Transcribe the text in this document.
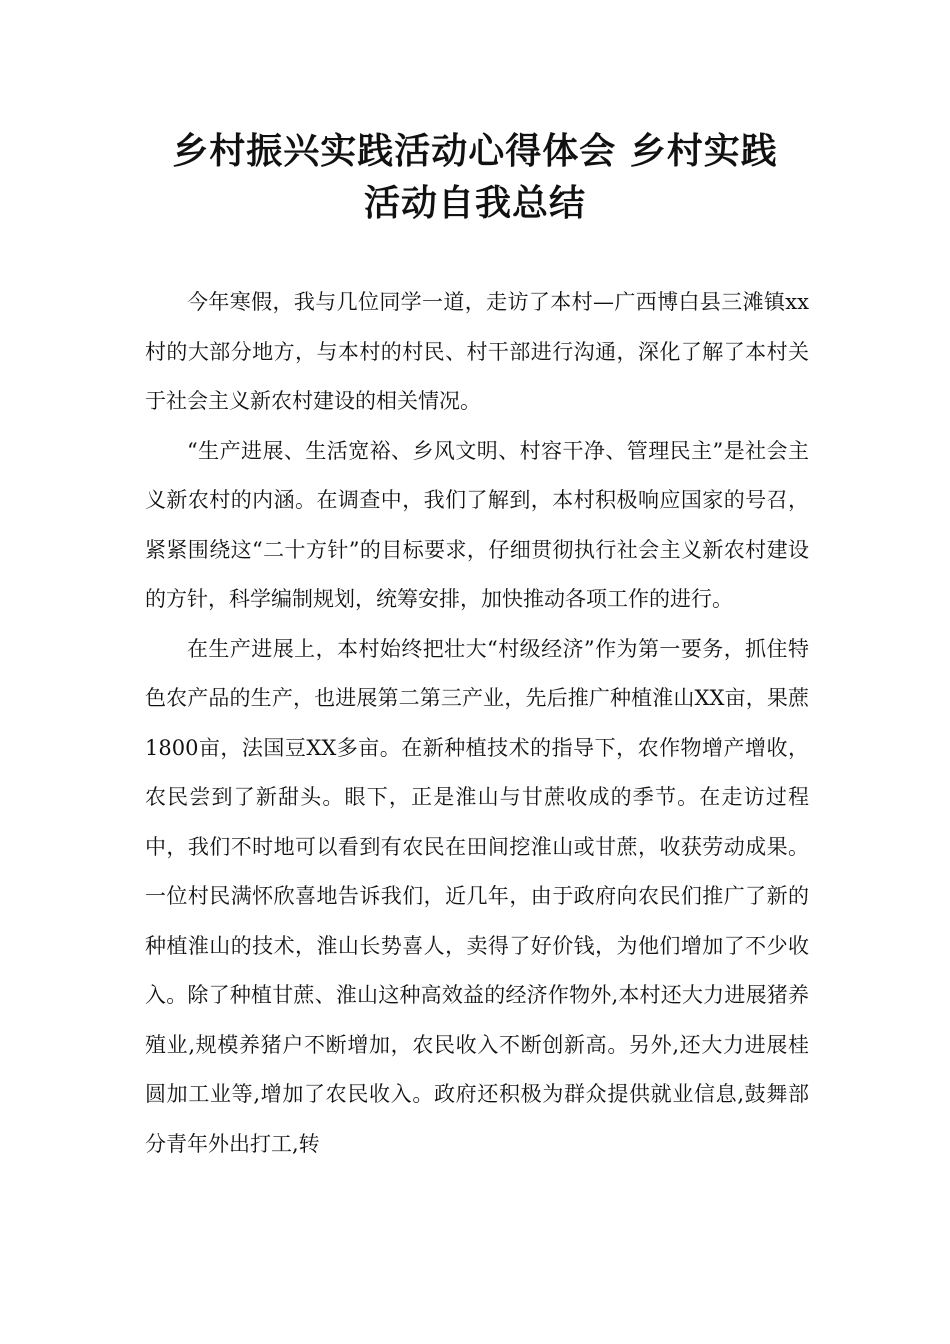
乡村振兴实践活动心得体会 乡村实践
活动自我总结

今年寒假，我与几位同学一道，走访了本村—广西博白县三滩镇xx村的大部分地方，与本村的村民、村干部进行沟通，深化了解了本村关于社会主义新农村建设的相关情况。

“生产进展、生活宽裕、乡风文明、村容干净、管理民主”是社会主义新农村的内涵。在调查中，我们了解到，本村积极响应国家的号召，紧紧围绕这“二十方针”的目标要求，仔细贯彻执行社会主义新农村建设的方针，科学编制规划，统筹安排，加快推动各项工作的进行。

在生产进展上，本村始终把壮大“村级经济”作为第一要务，抓住特色农产品的生产，也进展第二第三产业，先后推广种植淮山XX亩，果蔗1800亩，法国豆XX多亩。在新种植技术的指导下，农作物增产增收，农民尝到了新甜头。眼下，正是淮山与甘蔗收成的季节。在走访过程中，我们不时地可以看到有农民在田间挖淮山或甘蔗，收获劳动成果。一位村民满怀欣喜地告诉我们，近几年，由于政府向农民们推广了新的种植淮山的技术，淮山长势喜人，卖得了好价钱，为他们增加了不少收入。除了种植甘蔗、淮山这种高效益的经济作物外,本村还大力进展猪养殖业,规模养猪户不断增加，农民收入不断创新高。另外,还大力进展桂圆加工业等,增加了农民收入。政府还积极为群众提供就业信息,鼓舞部分青年外出打工,转
